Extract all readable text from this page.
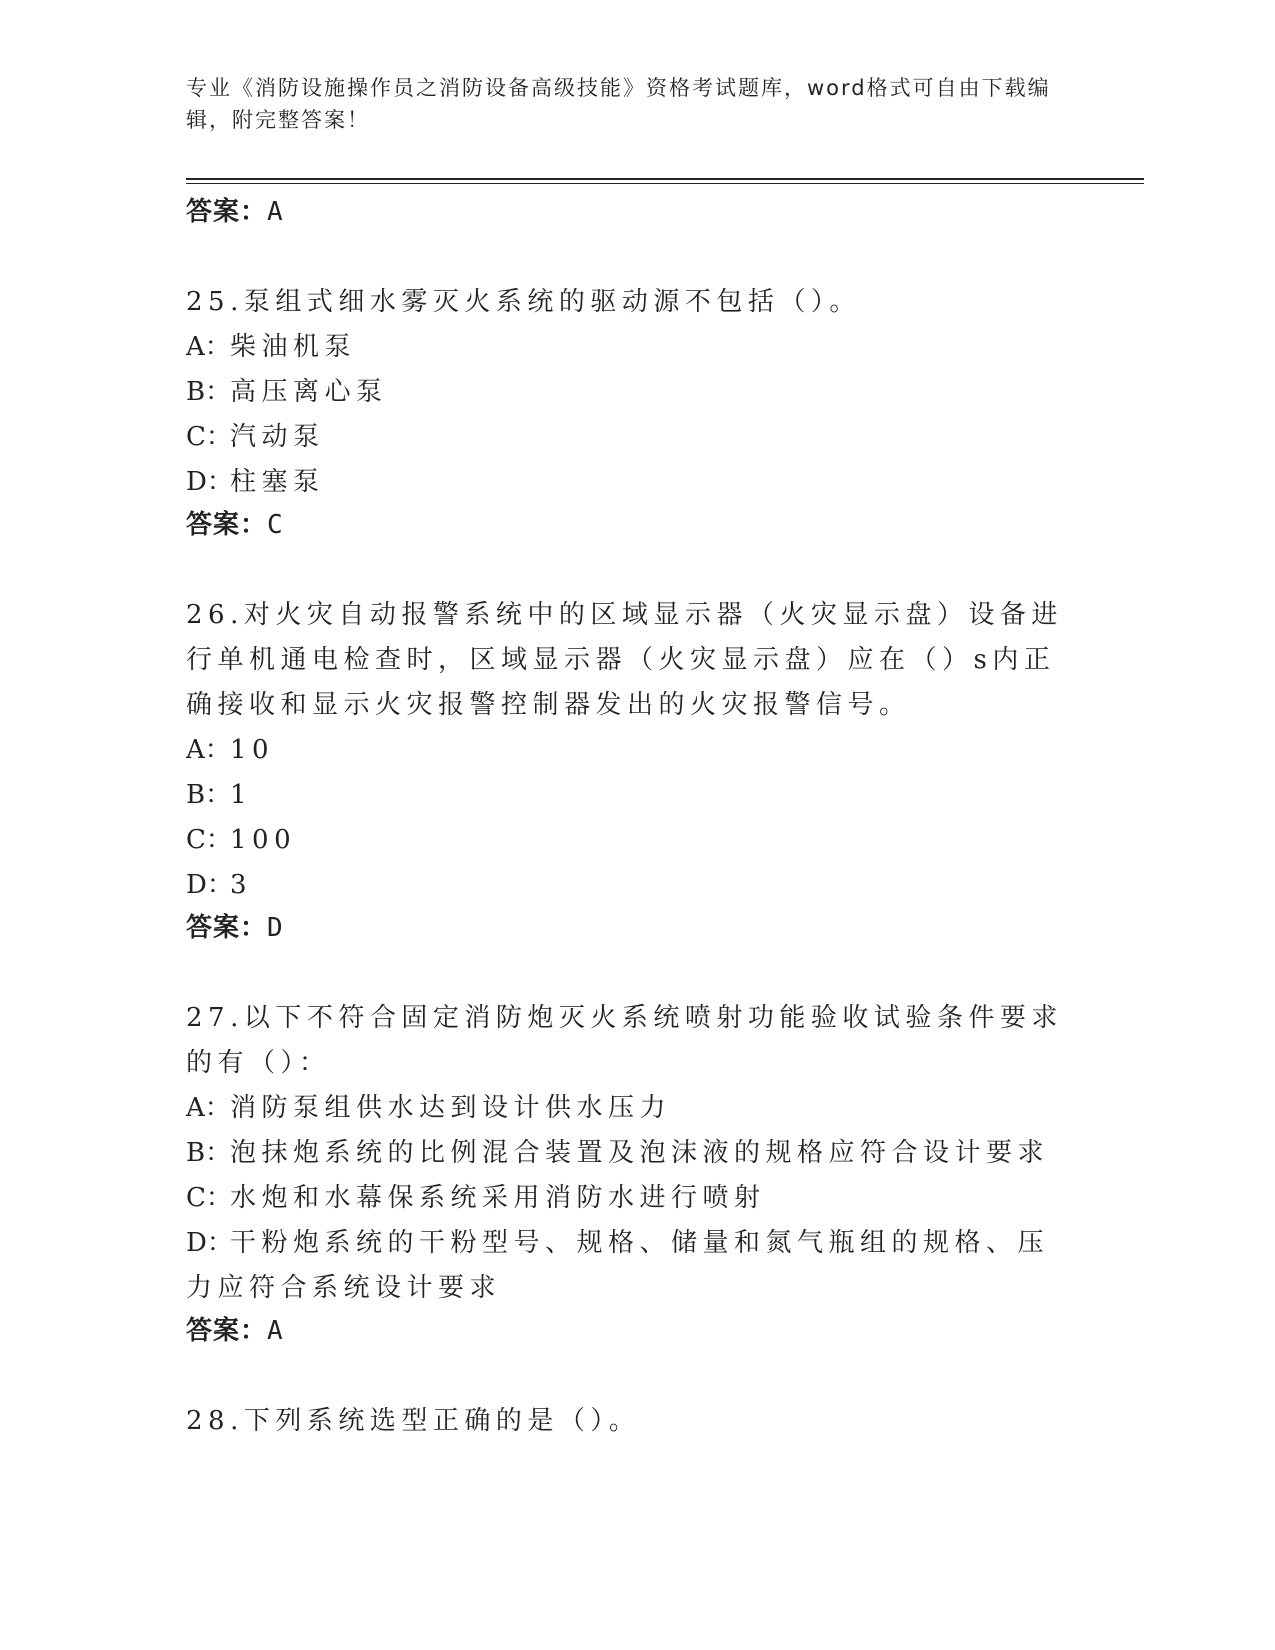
专业《消防设施操作员之消防设备高级技能》资格考试题库，word格式可自由下载编辑，附完整答案！
答案：A
25.泵组式细水雾灭火系统的驱动源不包括（）。
A：柴油机泵
B：高压离心泵
C：汽动泵
D：柱塞泵
答案：C
26.对火灾自动报警系统中的区域显示器（火灾显示盘）设备进行单机通电检查时，区域显示器（火灾显示盘）应在（）s内正确接收和显示火灾报警控制器发出的火灾报警信号。
A：10
B：1
C：100
D：3
答案：D
27.以下不符合固定消防炮灭火系统喷射功能验收试验条件要求的有（）：
A：消防泵组供水达到设计供水压力
B：泡抹炮系统的比例混合装置及泡沫液的规格应符合设计要求
C：水炮和水幕保系统采用消防水进行喷射
D：干粉炮系统的干粉型号、规格、储量和氮气瓶组的规格、压力应符合系统设计要求
答案：A
28.下列系统选型正确的是（）。
